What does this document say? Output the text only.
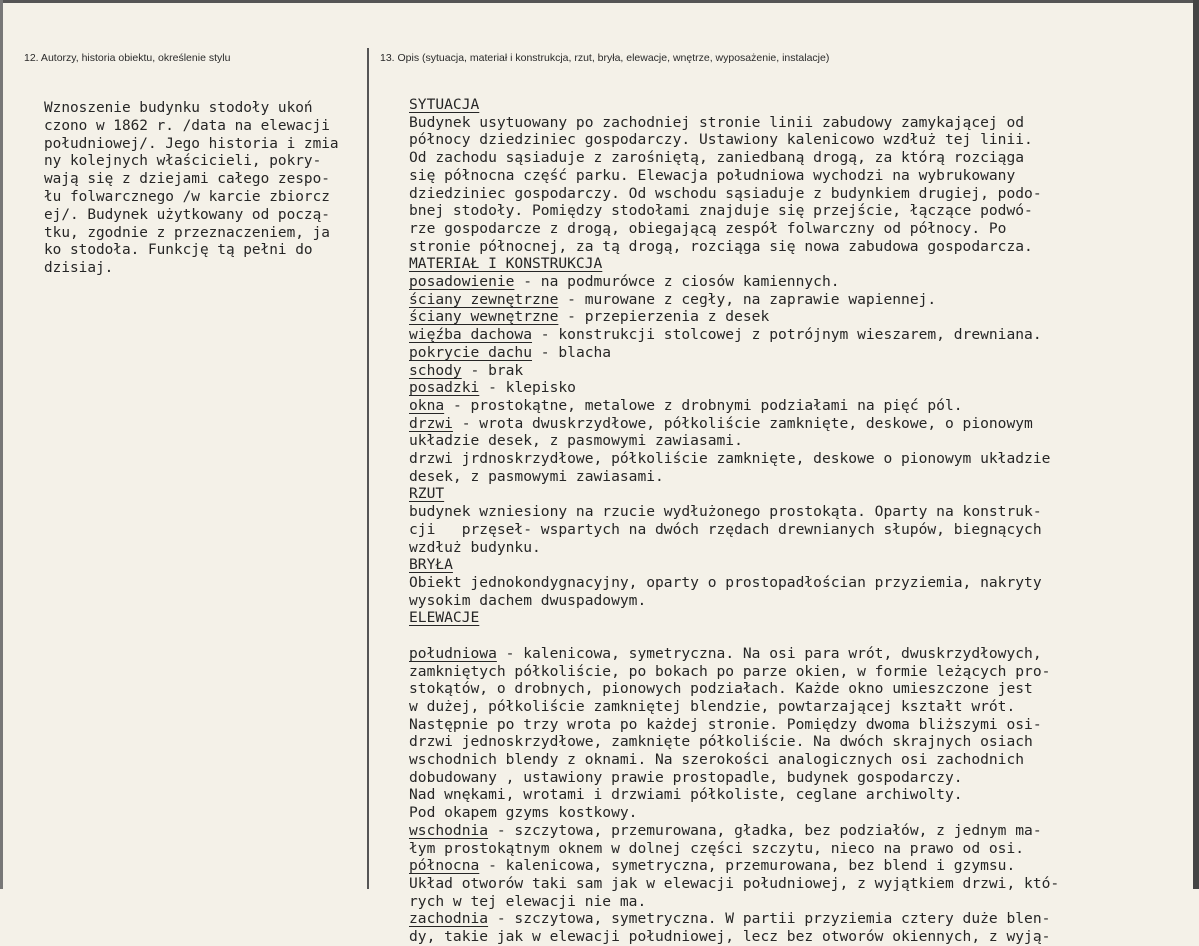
12. Autorzy, historia obiektu, określenie stylu	13. Opis (sytuacja, materiał i konstrukcja, rzut, bryła, elewacje, wnętrze, wyposażenie, instalacje)
Wznoszenie budynku stodoły ukoń
czono w 1862 r. /data na elewacji
południowej/. Jego historia i zmia
ny kolejnych właścicieli, pokry-
wają się z dziejami całego zespo-
łu folwarcznego /w karcie zbiorcz
ej/. Budynek użytkowany od począ-
tku, zgodnie z przeznaczeniem, ja
ko stodoła. Funkcję tą pełni do
dzisiaj.

SYTUACJA
Budynek usytuowany po zachodniej stronie linii zabudowy zamykającej od
północy dziedziniec gospodarczy. Ustawiony kalenicowo wzdłuż tej linii.
Od zachodu sąsiaduje z zarośniętą, zaniedbaną drogą, za którą rozciąga
się północna część parku. Elewacja południowa wychodzi na wybrukowany
dziedziniec gospodarczy. Od wschodu sąsiaduje z budynkiem drugiej, podo-
bnej stodoły. Pomiędzy stodołami znajduje się przejście, łączące podwó-
rze gospodarcze z drogą, obiegającą zespół folwarczny od północy. Po
stronie północnej, za tą drogą, rozciąga się nowa zabudowa gospodarcza.
MATERIAŁ I KONSTRUKCJA
posadowienie - na podmurówce z ciosów kamiennych.
ściany zewnętrzne - murowane z cegły, na zaprawie wapiennej.
ściany wewnętrzne - przepierzenia z desek
więźba dachowa - konstrukcji stolcowej z potrójnym wieszarem, drewniana.
pokrycie dachu - blacha
schody - brak
posadzki - klepisko
okna - prostokątne, metalowe z drobnymi podziałami na pięć pól.
drzwi - wrota dwuskrzydłowe, półkoliście zamknięte, deskowe, o pionowym
układzie desek, z pasmowymi zawiasami.
drzwi jrdnoskrzydłowe, półkoliście zamknięte, deskowe o pionowym układzie
desek, z pasmowymi zawiasami.
RZUT
budynek wzniesiony na rzucie wydłużonego prostokąta. Oparty na konstruk-
cji   przęseł- wspartych na dwóch rzędach drewnianych słupów, biegnących
wzdłuż budynku.
BRYŁA
Obiekt jednokondygnacyjny, oparty o prostopadłościan przyziemia, nakryty
wysokim dachem dwuspadowym.
ELEWACJE

południowa - kalenicowa, symetryczna. Na osi para wrót, dwuskrzydłowych,
zamkniętych półkoliście, po bokach po parze okien, w formie leżących pro-
stokątów, o drobnych, pionowych podziałach. Każde okno umieszczone jest
w dużej, półkoliście zamkniętej blendzie, powtarzającej kształt wrót.
Następnie po trzy wrota po każdej stronie. Pomiędzy dwoma bliższymi osi-
drzwi jednoskrzydłowe, zamknięte półkoliście. Na dwóch skrajnych osiach
wschodnich blendy z oknami. Na szerokości analogicznych osi zachodnich
dobudowany , ustawiony prawie prostopadle, budynek gospodarczy.
Nad wnękami, wrotami i drzwiami półkoliste, ceglane archiwolty.
Pod okapem gzyms kostkowy.
wschodnia - szczytowa, przemurowana, gładka, bez podziałów, z jednym ma-
łym prostokątnym oknem w dolnej części szczytu, nieco na prawo od osi.
północna - kalenicowa, symetryczna, przemurowana, bez blend i gzymsu.
Układ otworów taki sam jak w elewacji południowej, z wyjątkiem drzwi, któ-
rych w tej elewacji nie ma.
zachodnia - szczytowa, symetryczna. W partii przyziemia cztery duże blen-
dy, takie jak w elewacji południowej, lecz bez otworów okiennych, z wyją-
